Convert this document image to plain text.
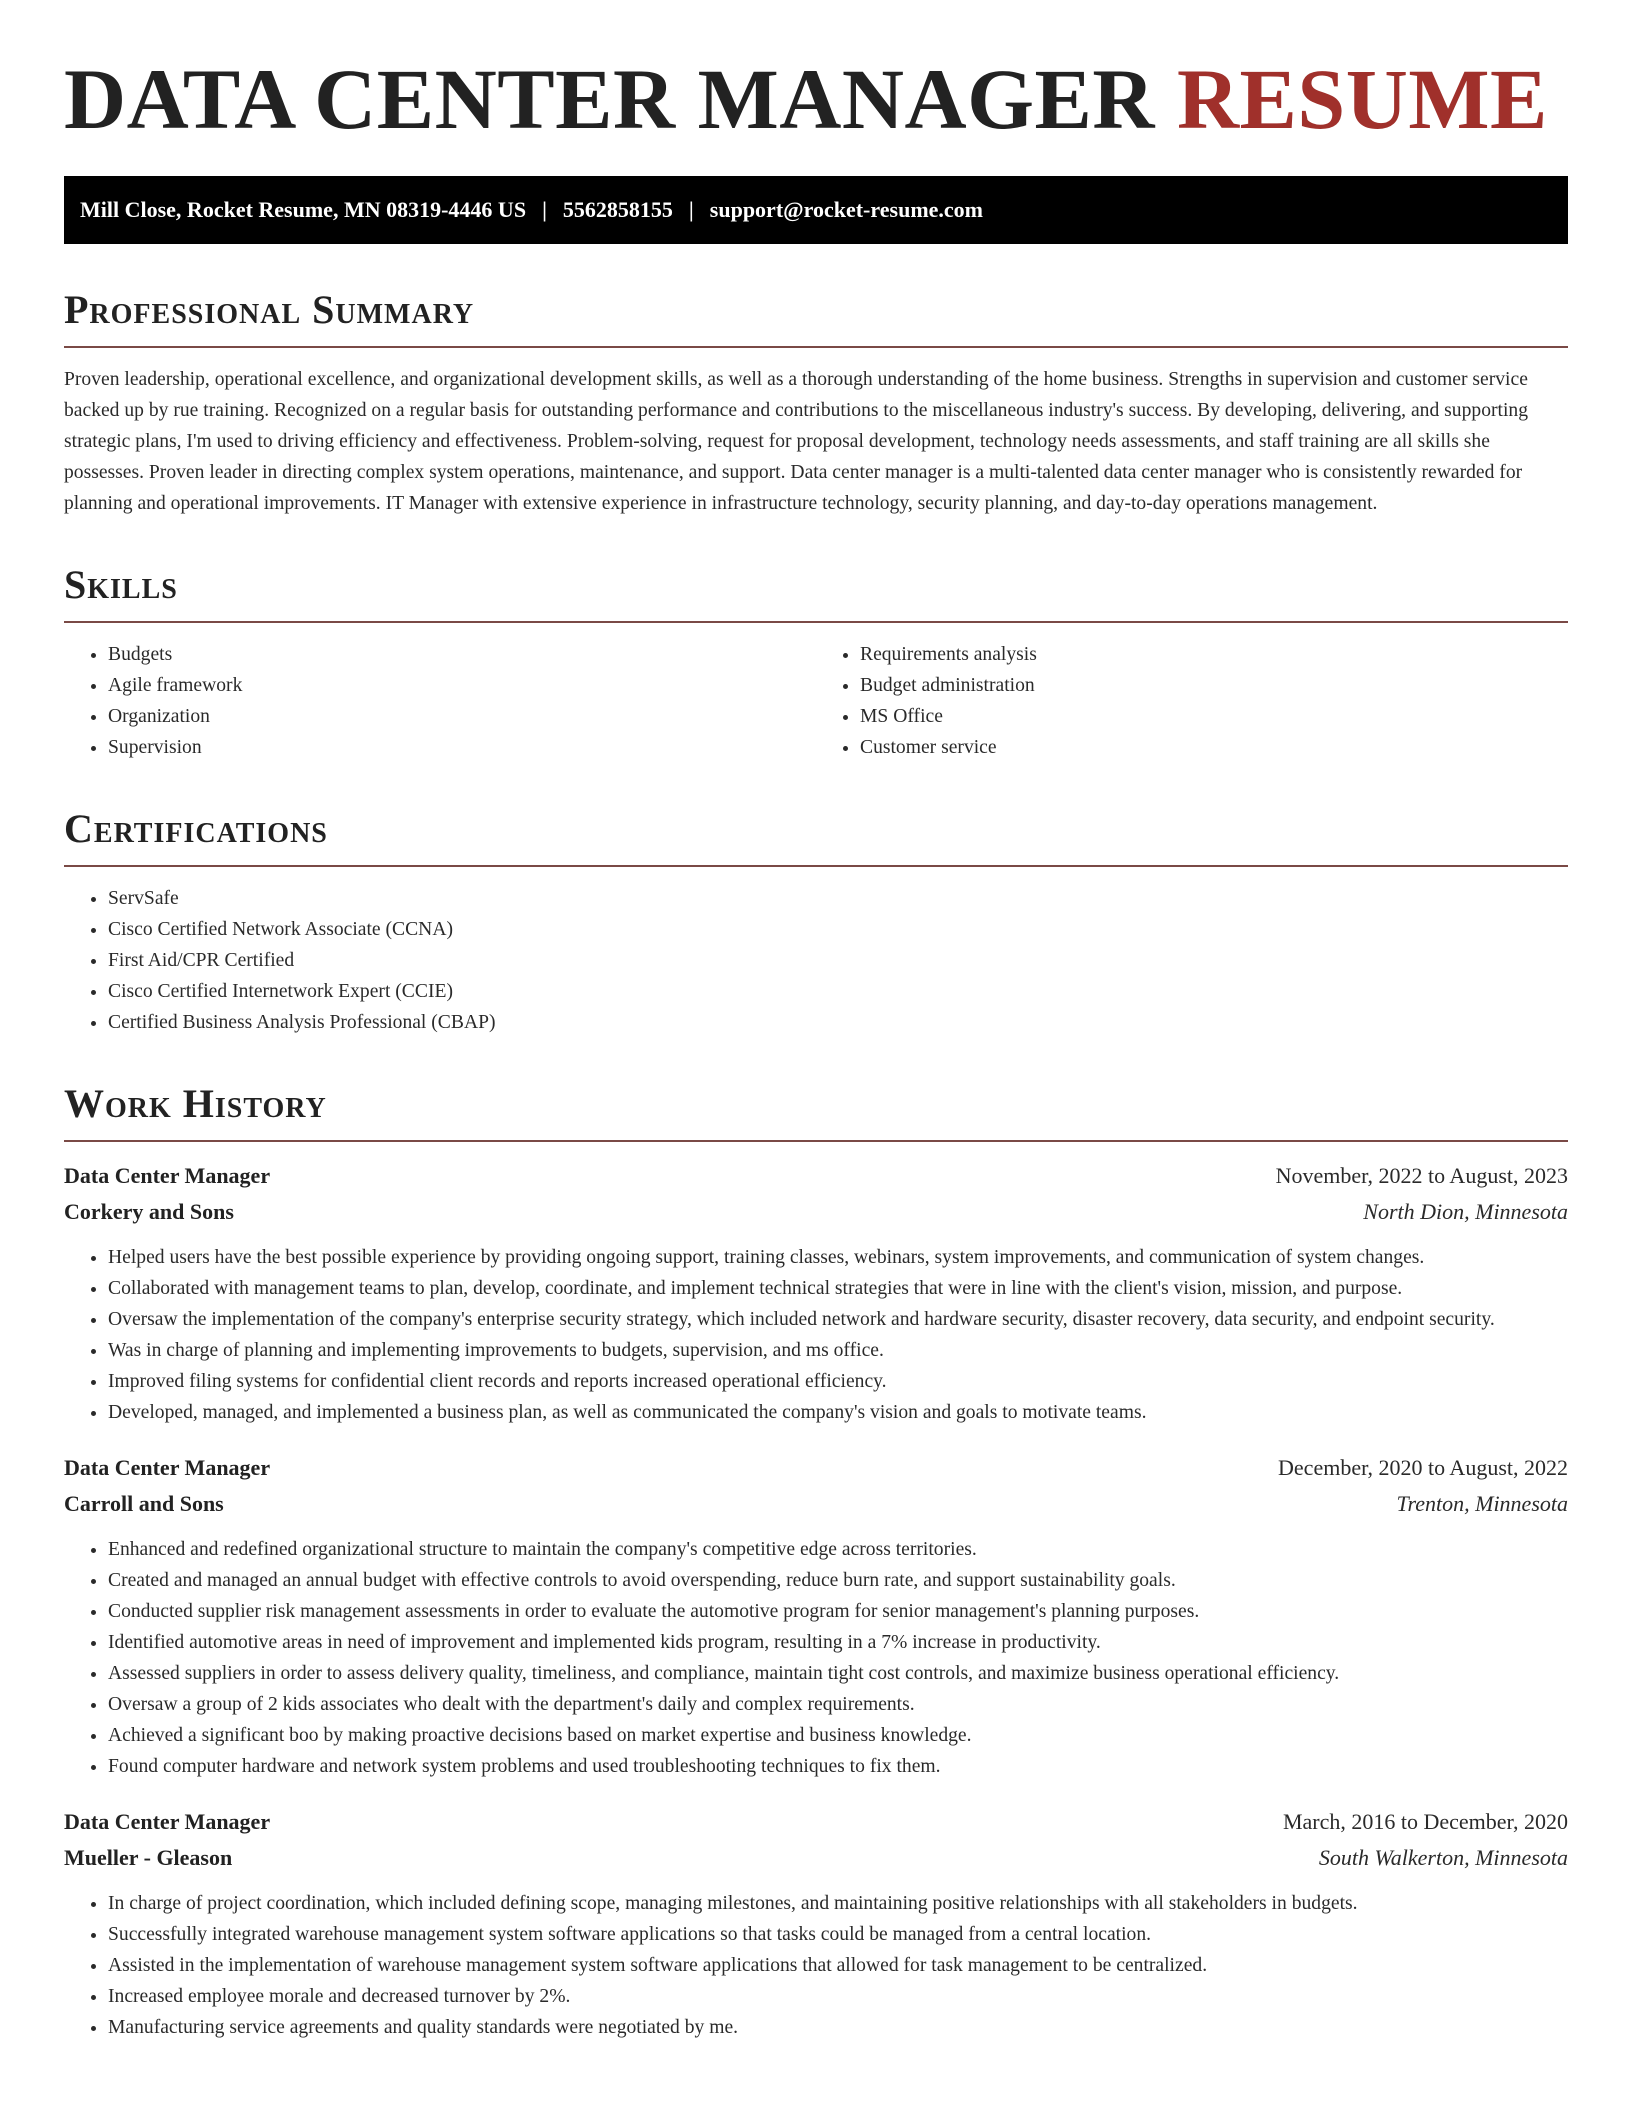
DATA CENTER MANAGER RESUME
Mill Close, Rocket Resume, MN 08319-4446 US | 5562858155 | support@rocket-resume.com
Professional Summary

Proven leadership, operational excellence, and organizational development skills, as well as a thorough understanding of the home business. Strengths in supervision and customer service backed up by rue training. Recognized on a regular basis for outstanding performance and contributions to the miscellaneous industry's success. By developing, delivering, and supporting strategic plans, I'm used to driving efficiency and effectiveness. Problem-solving, request for proposal development, technology needs assessments, and staff training are all skills she possesses. Proven leader in directing complex system operations, maintenance, and support. Data center manager is a multi-talented data center manager who is consistently rewarded for planning and operational improvements. IT Manager with extensive experience in infrastructure technology, security planning, and day-to-day operations management.

Skills
• Budgets
• Agile framework
• Organization
• Supervision
• Requirements analysis
• Budget administration
• MS Office
• Customer service
Certifications
• ServSafe
• Cisco Certified Network Associate (CCNA)
• First Aid/CPR Certified
• Cisco Certified Internetwork Expert (CCIE)
• Certified Business Analysis Professional (CBAP)
Work History
Data Center Manager	November, 2022 to August, 2023
Corkery and Sons	North Dion, Minnesota
• Helped users have the best possible experience by providing ongoing support, training classes, webinars, system improvements, and communication of system changes.
• Collaborated with management teams to plan, develop, coordinate, and implement technical strategies that were in line with the client's vision, mission, and purpose.
• Oversaw the implementation of the company's enterprise security strategy, which included network and hardware security, disaster recovery, data security, and endpoint security.
• Was in charge of planning and implementing improvements to budgets, supervision, and ms office.
• Improved filing systems for confidential client records and reports increased operational efficiency.
• Developed, managed, and implemented a business plan, as well as communicated the company's vision and goals to motivate teams.
Data Center Manager	December, 2020 to August, 2022
Carroll and Sons	Trenton, Minnesota
• Enhanced and redefined organizational structure to maintain the company's competitive edge across territories.
• Created and managed an annual budget with effective controls to avoid overspending, reduce burn rate, and support sustainability goals.
• Conducted supplier risk management assessments in order to evaluate the automotive program for senior management's planning purposes.
• Identified automotive areas in need of improvement and implemented kids program, resulting in a 7% increase in productivity.
• Assessed suppliers in order to assess delivery quality, timeliness, and compliance, maintain tight cost controls, and maximize business operational efficiency.
• Oversaw a group of 2 kids associates who dealt with the department's daily and complex requirements.
• Achieved a significant boo by making proactive decisions based on market expertise and business knowledge.
• Found computer hardware and network system problems and used troubleshooting techniques to fix them.
Data Center Manager	March, 2016 to December, 2020
Mueller - Gleason	South Walkerton, Minnesota
• In charge of project coordination, which included defining scope, managing milestones, and maintaining positive relationships with all stakeholders in budgets.
• Successfully integrated warehouse management system software applications so that tasks could be managed from a central location.
• Assisted in the implementation of warehouse management system software applications that allowed for task management to be centralized.
• Increased employee morale and decreased turnover by 2%.
• Manufacturing service agreements and quality standards were negotiated by me.
